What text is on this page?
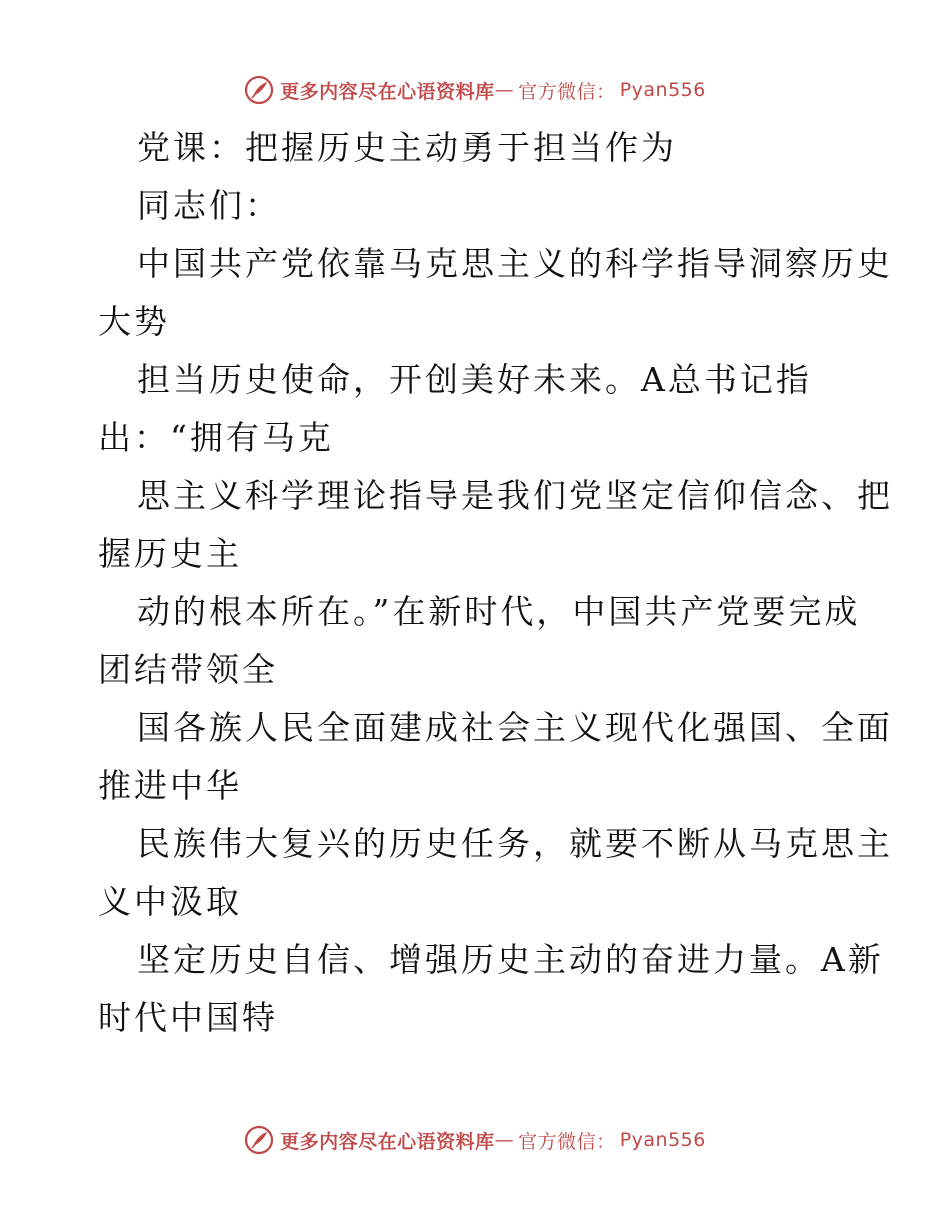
更多内容尽在心语资料库 — 官方微信： Pyan556
党课：把握历史主动勇于担当作为
同志们：
中国共产党依靠马克思主义的科学指导洞察历史
大势
担当历史使命，开创美好未来。A总书记指
出：“拥有马克
思主义科学理论指导是我们党坚定信仰信念、把
握历史主
动的根本所在。”在新时代，中国共产党要完成
团结带领全
国各族人民全面建成社会主义现代化强国、全面
推进中华
民族伟大复兴的历史任务，就要不断从马克思主
义中汲取
坚定历史自信、增强历史主动的奋进力量。A新
时代中国特
更多内容尽在心语资料库 — 官方微信： Pyan556
